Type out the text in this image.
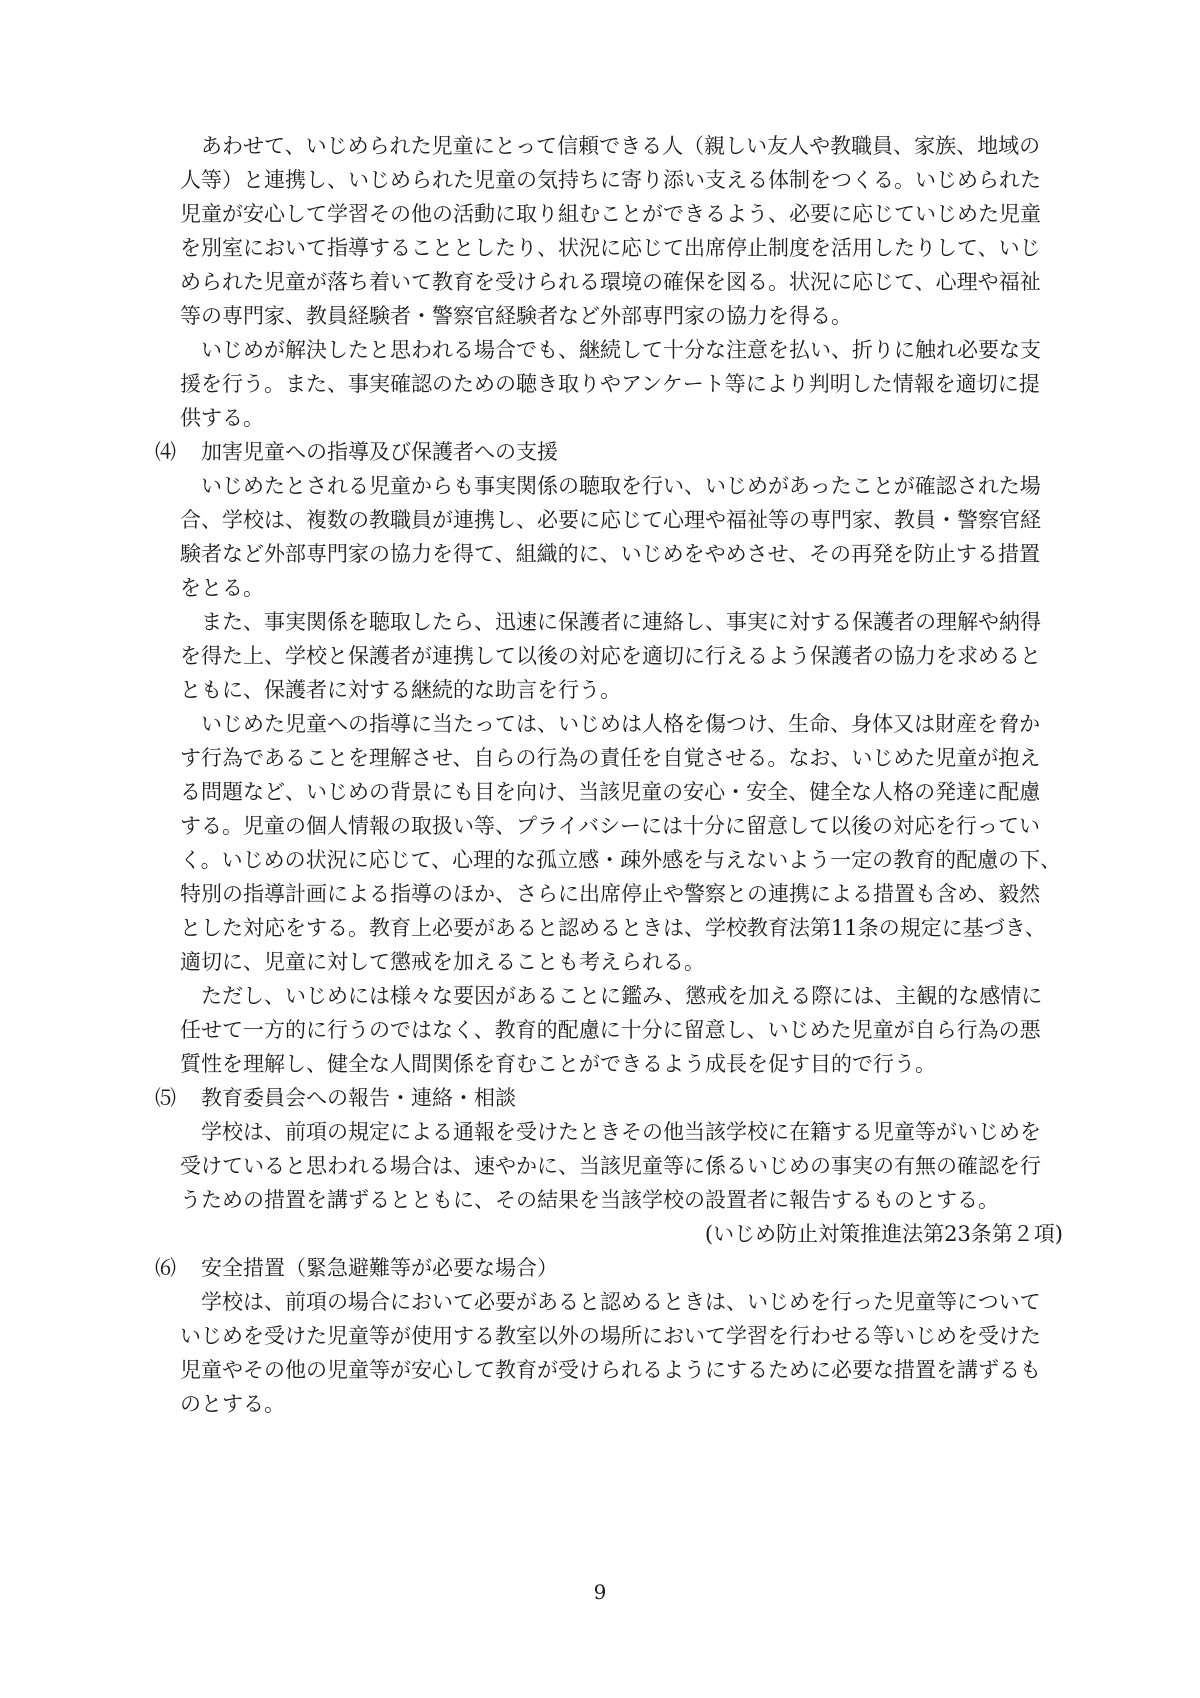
あわせて、いじめられた児童にとって信頼できる人（親しい友人や教職員、家族、地域の
人等）と連携し、いじめられた児童の気持ちに寄り添い支える体制をつくる。いじめられた
児童が安心して学習その他の活動に取り組むことができるよう、必要に応じていじめた児童
を別室において指導することとしたり、状況に応じて出席停止制度を活用したりして、いじ
められた児童が落ち着いて教育を受けられる環境の確保を図る。状況に応じて、心理や福祉
等の専門家、教員経験者・警察官経験者など外部専門家の協力を得る。
いじめが解決したと思われる場合でも、継続して十分な注意を払い、折りに触れ必要な支
援を行う。また、事実確認のための聴き取りやアンケート等により判明した情報を適切に提
供する。
⑷ 加害児童への指導及び保護者への支援
いじめたとされる児童からも事実関係の聴取を行い、いじめがあったことが確認された場
合、学校は、複数の教職員が連携し、必要に応じて心理や福祉等の専門家、教員・警察官経
験者など外部専門家の協力を得て、組織的に、いじめをやめさせ、その再発を防止する措置
をとる。
また、事実関係を聴取したら、迅速に保護者に連絡し、事実に対する保護者の理解や納得
を得た上、学校と保護者が連携して以後の対応を適切に行えるよう保護者の協力を求めると
ともに、保護者に対する継続的な助言を行う。
いじめた児童への指導に当たっては、いじめは人格を傷つけ、生命、身体又は財産を脅か
す行為であることを理解させ、自らの行為の責任を自覚させる。なお、いじめた児童が抱え
る問題など、いじめの背景にも目を向け、当該児童の安心・安全、健全な人格の発達に配慮
する。児童の個人情報の取扱い等、プライバシーには十分に留意して以後の対応を行ってい
く。いじめの状況に応じて、心理的な孤立感・疎外感を与えないよう一定の教育的配慮の下、
特別の指導計画による指導のほか、さらに出席停止や警察との連携による措置も含め、毅然
とした対応をする。教育上必要があると認めるときは、学校教育法第11条の規定に基づき、
適切に、児童に対して懲戒を加えることも考えられる。
ただし、いじめには様々な要因があることに鑑み、懲戒を加える際には、主観的な感情に
任せて一方的に行うのではなく、教育的配慮に十分に留意し、いじめた児童が自ら行為の悪
質性を理解し、健全な人間関係を育むことができるよう成長を促す目的で行う。
⑸ 教育委員会への報告・連絡・相談
学校は、前項の規定による通報を受けたときその他当該学校に在籍する児童等がいじめを
受けていると思われる場合は、速やかに、当該児童等に係るいじめの事実の有無の確認を行
うための措置を講ずるとともに、その結果を当該学校の設置者に報告するものとする。
(いじめ防止対策推進法第23条第２項)
⑹ 安全措置（緊急避難等が必要な場合）
学校は、前項の場合において必要があると認めるときは、いじめを行った児童等について
いじめを受けた児童等が使用する教室以外の場所において学習を行わせる等いじめを受けた
児童やその他の児童等が安心して教育が受けられるようにするために必要な措置を講ずるも
のとする。
9
